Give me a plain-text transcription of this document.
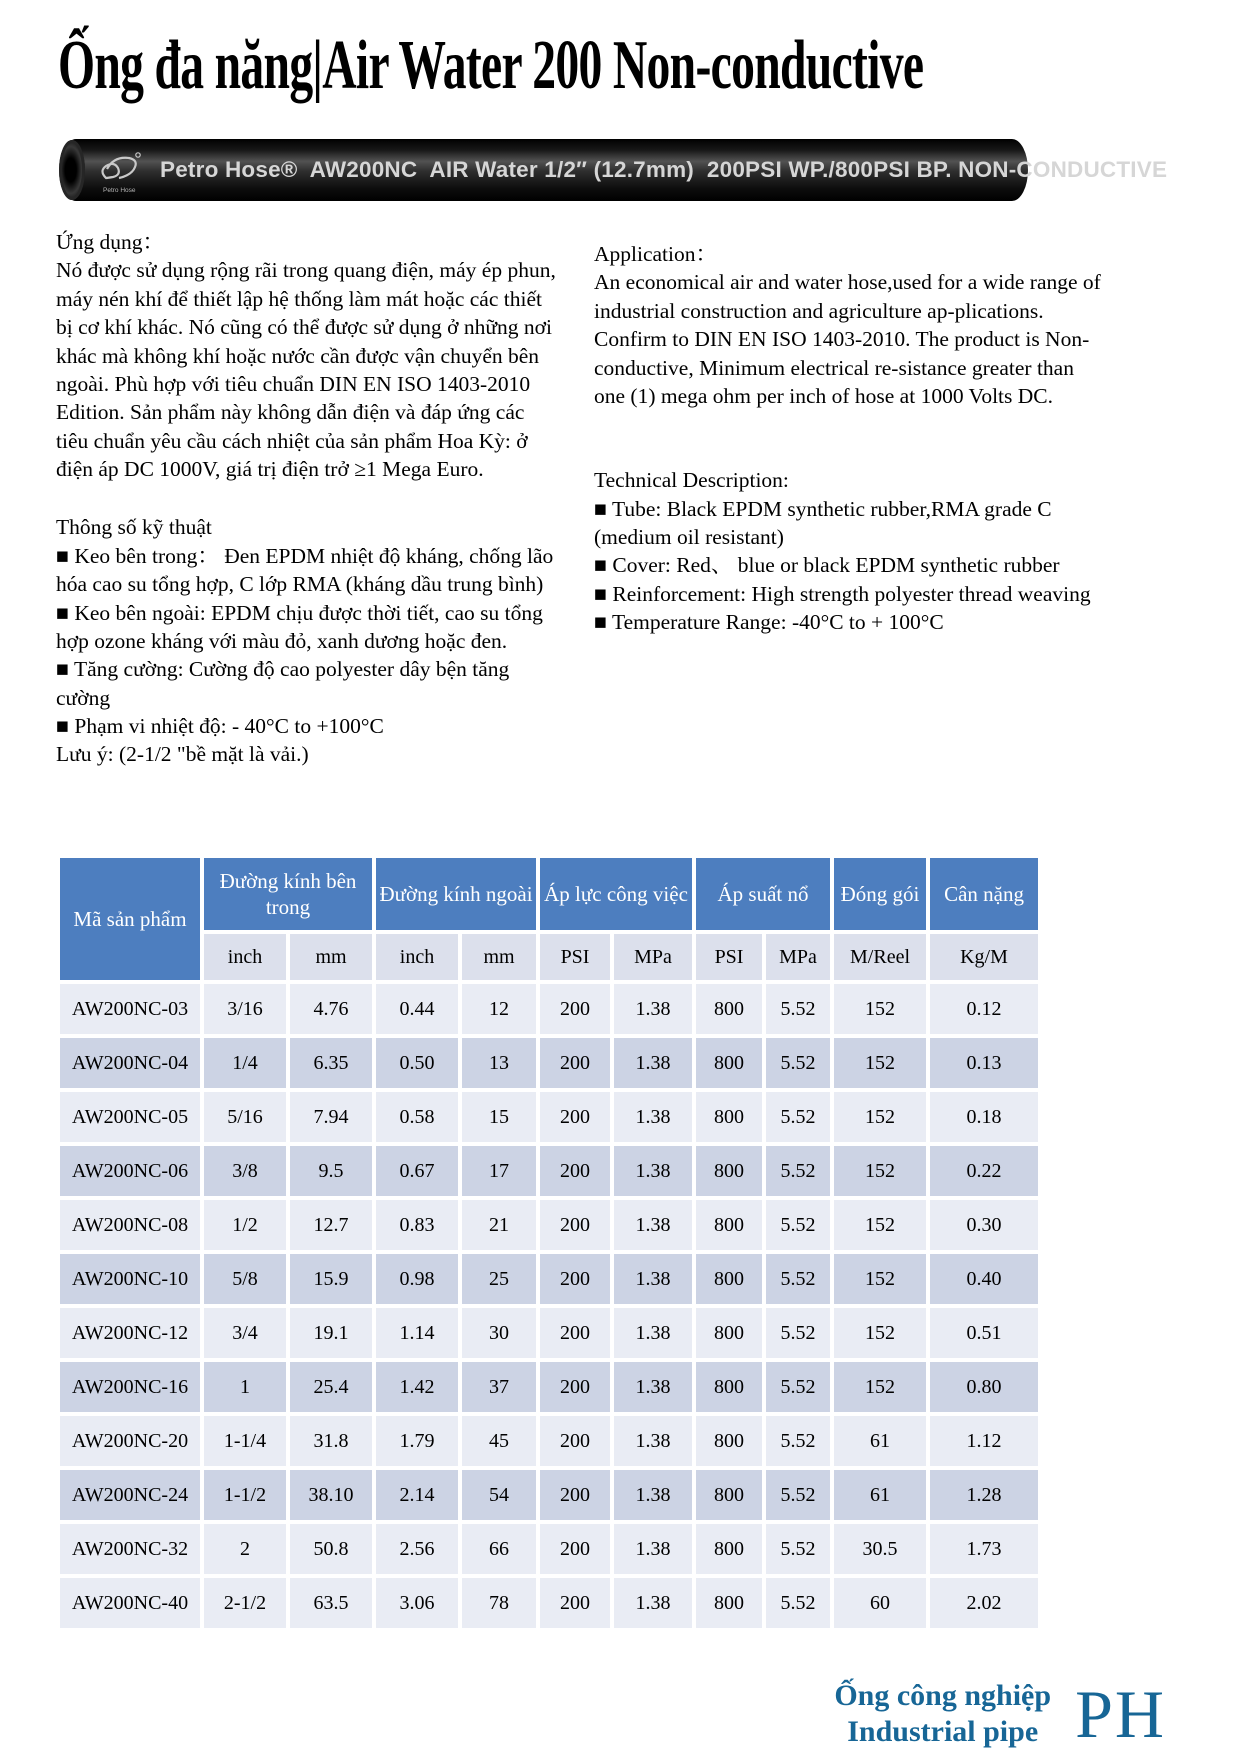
Ống đa năng|Air Water 200 Non-conductive
Petro Hose
Petro Hose®  AW200NC  AIR Water 1/2″ (12.7mm)  200PSI WP./800PSI BP. NON-CONDUCTIVE

Ứng dụng：

Nó được sử dụng rộng rãi trong quang điện, máy ép phun, máy nén khí để thiết lập hệ thống làm mát hoặc các thiết bị cơ khí khác. Nó cũng có thể được sử dụng ở những nơi khác mà không khí hoặc nước cần được vận chuyển bên ngoài. Phù hợp với tiêu chuẩn DIN EN ISO 1403-2010 Edition. Sản phẩm này không dẫn điện và đáp ứng các tiêu chuẩn yêu cầu cách nhiệt của sản phẩm Hoa Kỳ: ở điện áp DC 1000V, giá trị điện trở ≥1 Mega Euro.

Thông số kỹ thuật

■ Keo bên trong： Đen EPDM nhiệt độ kháng, chống lão hóa cao su tổng hợp, C lớp RMA (kháng dầu trung bình)

■ Keo bên ngoài: EPDM chịu được thời tiết, cao su tổng hợp ozone kháng với màu đỏ, xanh dương hoặc đen.

■ Tăng cường: Cường độ cao polyester dây bện tăng cường

■ Phạm vi nhiệt độ: - 40°C to +100°C

Lưu ý: (2-1/2 "bề mặt là vải.)

Application：

An economical air and water hose,used for a wide range of industrial construction and agriculture ap-plications. Confirm to DIN EN ISO 1403-2010. The product is Non-conductive, Minimum electrical re-sistance greater than one (1) mega ohm per inch of hose at 1000 Volts DC.

Technical Description:

■ Tube: Black EPDM synthetic rubber,RMA grade C (medium oil resistant)

■ Cover: Red、 blue or black EPDM synthetic rubber

■ Reinforcement: High strength polyester thread weaving

■ Temperature Range: -40°C to + 100°C

Mã sản phẩm	Đường kính bên trong		Đường kính ngoài		Áp lực công việc		Áp suất nổ		Đóng gói	Cân nặng
	inch	mm	inch	mm	PSI	MPa	PSI	MPa	M/Reel	Kg/M
AW200NC-03	3/16	4.76	0.44	12	200	1.38	800	5.52	152	0.12
AW200NC-04	1/4	6.35	0.50	13	200	1.38	800	5.52	152	0.13
AW200NC-05	5/16	7.94	0.58	15	200	1.38	800	5.52	152	0.18
AW200NC-06	3/8	9.5	0.67	17	200	1.38	800	5.52	152	0.22
AW200NC-08	1/2	12.7	0.83	21	200	1.38	800	5.52	152	0.30
AW200NC-10	5/8	15.9	0.98	25	200	1.38	800	5.52	152	0.40
AW200NC-12	3/4	19.1	1.14	30	200	1.38	800	5.52	152	0.51
AW200NC-16	1	25.4	1.42	37	200	1.38	800	5.52	152	0.80
AW200NC-20	1-1/4	31.8	1.79	45	200	1.38	800	5.52	61	1.12
AW200NC-24	1-1/2	38.10	2.14	54	200	1.38	800	5.52	61	1.28
AW200NC-32	2	50.8	2.56	66	200	1.38	800	5.52	30.5	1.73
AW200NC-40	2-1/2	63.5	3.06	78	200	1.38	800	5.52	60	2.02
Ống công nghiệp
Industrial pipe PH
